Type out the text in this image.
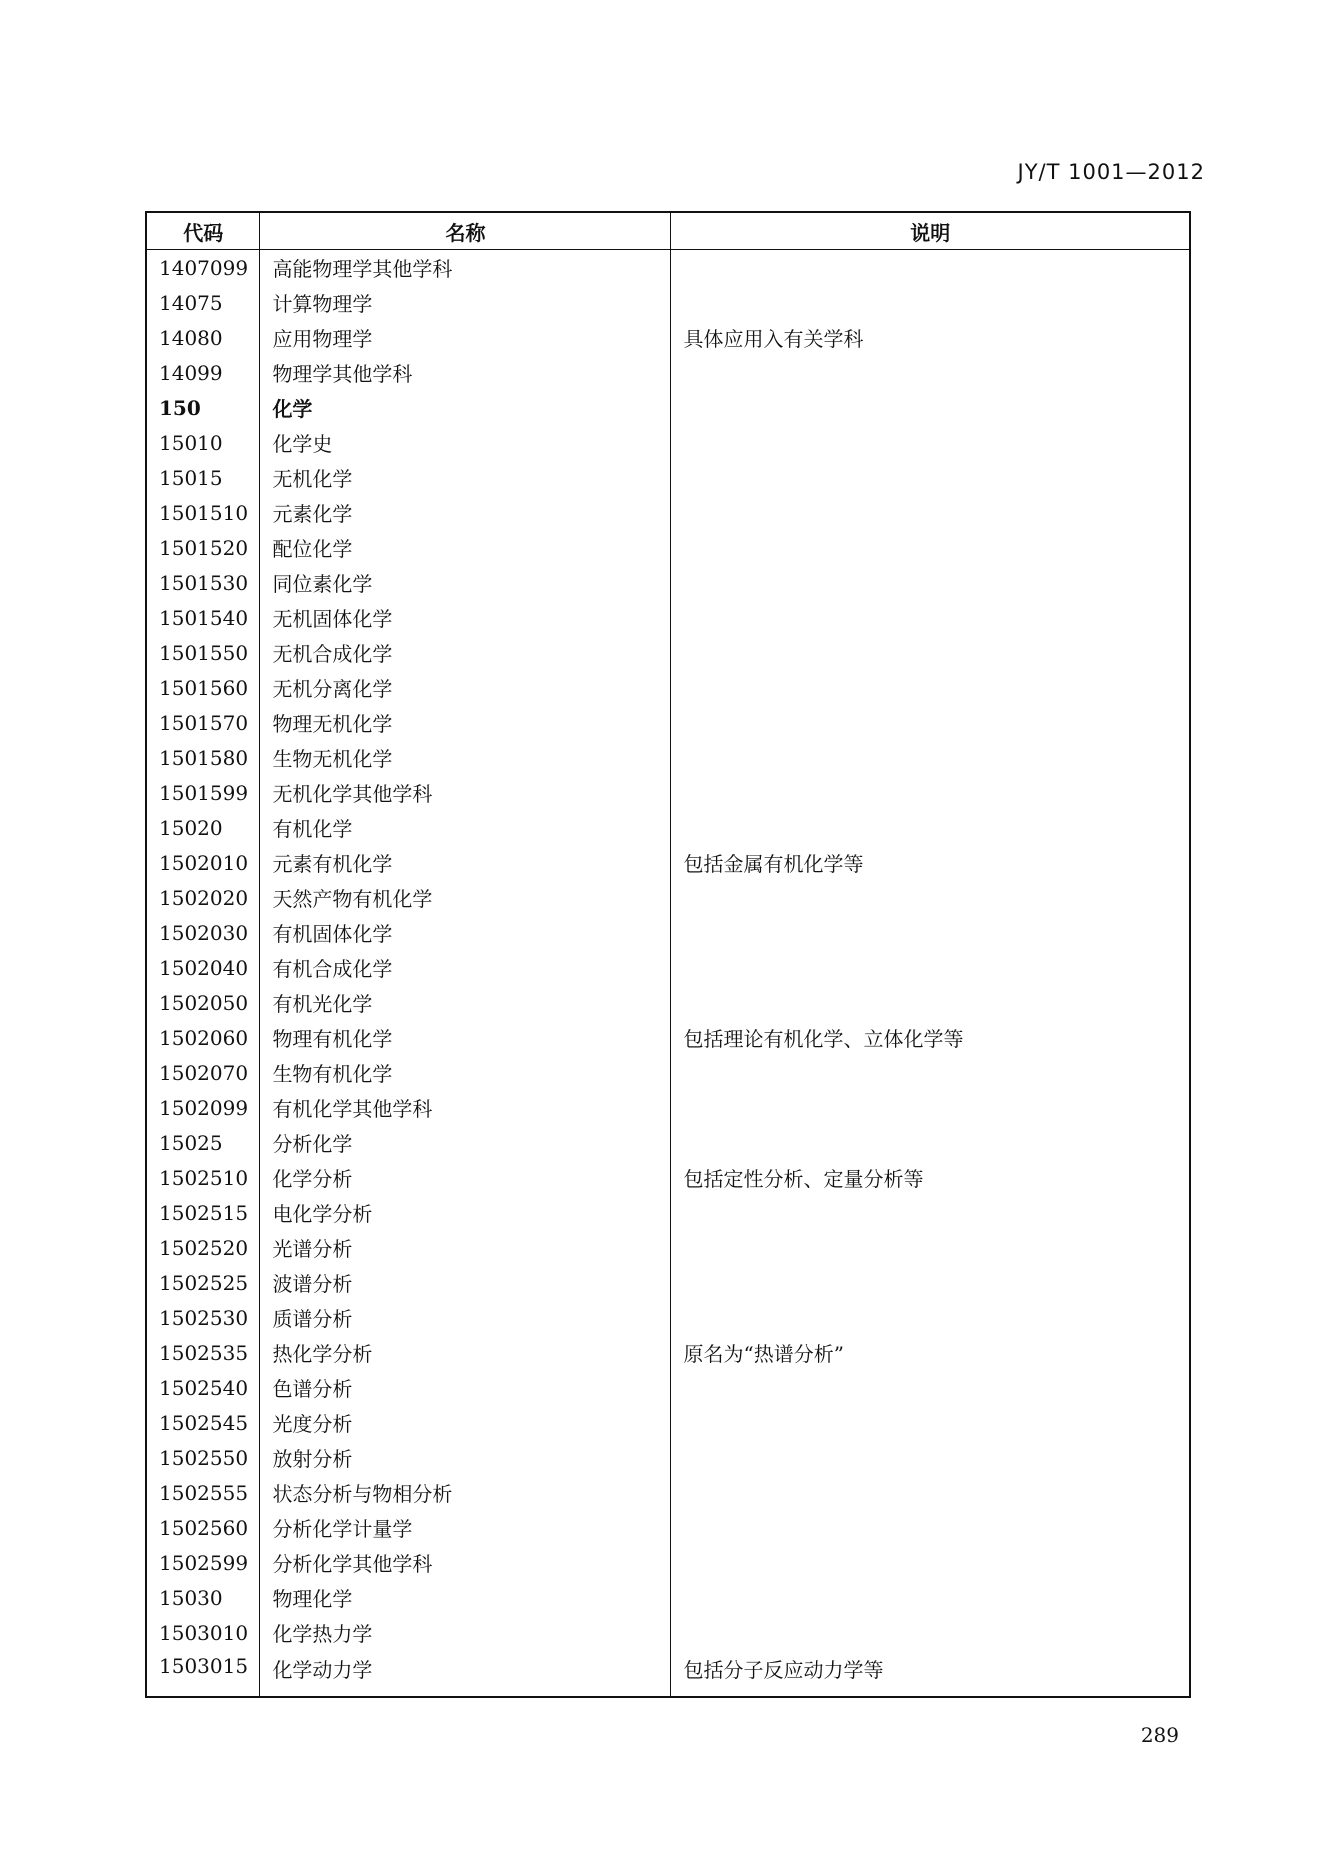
JY/T 1001—2012
代码	名称	说明
1407099	高能物理学其他学科	
14075	计算物理学	
14080	应用物理学	具体应用入有关学科
14099	物理学其他学科	
150	化学	
15010	化学史	
15015	无机化学	
1501510	元素化学	
1501520	配位化学	
1501530	同位素化学	
1501540	无机固体化学	
1501550	无机合成化学	
1501560	无机分离化学	
1501570	物理无机化学	
1501580	生物无机化学	
1501599	无机化学其他学科	
15020	有机化学	
1502010	元素有机化学	包括金属有机化学等
1502020	天然产物有机化学	
1502030	有机固体化学	
1502040	有机合成化学	
1502050	有机光化学	
1502060	物理有机化学	包括理论有机化学、立体化学等
1502070	生物有机化学	
1502099	有机化学其他学科	
15025	分析化学	
1502510	化学分析	包括定性分析、定量分析等
1502515	电化学分析	
1502520	光谱分析	
1502525	波谱分析	
1502530	质谱分析	
1502535	热化学分析	原名为“热谱分析”
1502540	色谱分析	
1502545	光度分析	
1502550	放射分析	
1502555	状态分析与物相分析	
1502560	分析化学计量学	
1502599	分析化学其他学科	
15030	物理化学	
1503010	化学热力学	
1503015	化学动力学	包括分子反应动力学等
289
